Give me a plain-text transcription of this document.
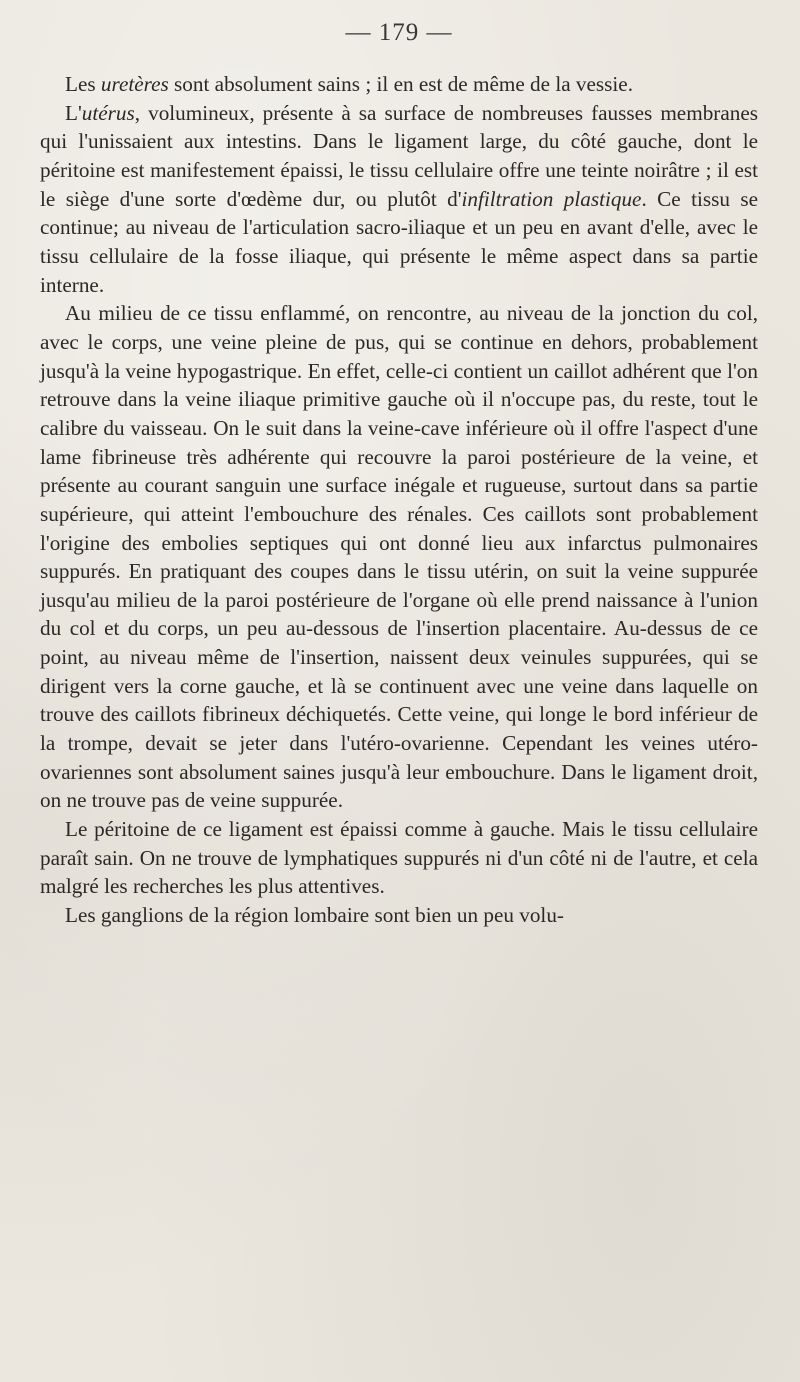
— 179 —

Les uretères sont absolument sains ; il en est de même de la vessie.

L'utérus, volumineux, présente à sa surface de nombreuses fausses membranes qui l'unissaient aux intestins. Dans le ligament large, du côté gauche, dont le péritoine est manifestement épaissi, le tissu cellulaire offre une teinte noirâtre ; il est le siège d'une sorte d'œdème dur, ou plutôt d'infiltration plastique. Ce tissu se continue; au niveau de l'articulation sacro-iliaque et un peu en avant d'elle, avec le tissu cellulaire de la fosse iliaque, qui présente le même aspect dans sa partie interne.

Au milieu de ce tissu enflammé, on rencontre, au niveau de la jonction du col, avec le corps, une veine pleine de pus, qui se continue en dehors, probablement jusqu'à la veine hypogastrique. En effet, celle-ci contient un caillot adhérent que l'on retrouve dans la veine iliaque primitive gauche où il n'occupe pas, du reste, tout le calibre du vaisseau. On le suit dans la veine-cave inférieure où il offre l'aspect d'une lame fibrineuse très adhérente qui recouvre la paroi postérieure de la veine, et présente au courant sanguin une surface inégale et rugueuse, surtout dans sa partie supérieure, qui atteint l'embouchure des rénales. Ces caillots sont probablement l'origine des embolies septiques qui ont donné lieu aux infarctus pulmonaires suppurés. En pratiquant des coupes dans le tissu utérin, on suit la veine suppurée jusqu'au milieu de la paroi postérieure de l'organe où elle prend naissance à l'union du col et du corps, un peu au-dessous de l'insertion placentaire. Au-dessus de ce point, au niveau même de l'insertion, naissent deux veinules suppurées, qui se dirigent vers la corne gauche, et là se continuent avec une veine dans laquelle on trouve des caillots fibrineux déchiquetés. Cette veine, qui longe le bord inférieur de la trompe, devait se jeter dans l'utéro-ovarienne. Cependant les veines utéro-ovariennes sont absolument saines jusqu'à leur embouchure. Dans le ligament droit, on ne trouve pas de veine suppurée.

Le péritoine de ce ligament est épaissi comme à gauche. Mais le tissu cellulaire paraît sain. On ne trouve de lymphatiques suppurés ni d'un côté ni de l'autre, et cela malgré les recherches les plus attentives.

Les ganglions de la région lombaire sont bien un peu volu-
